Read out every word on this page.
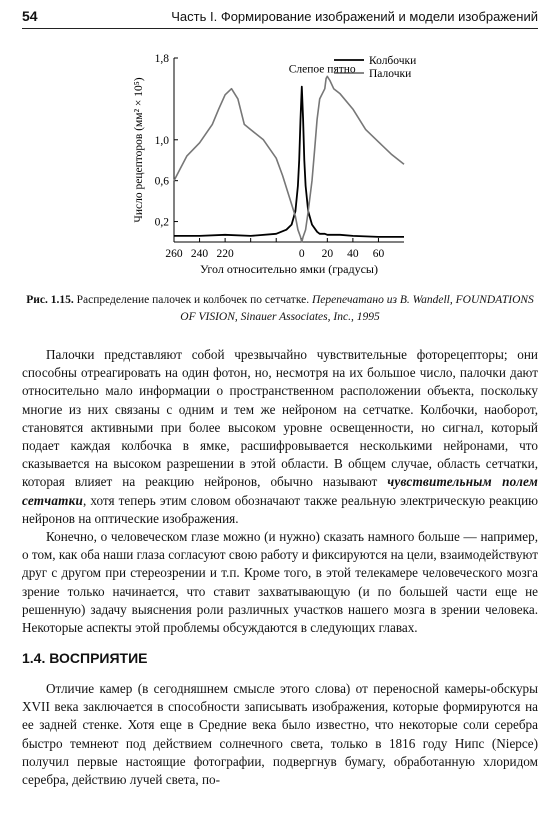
54	Часть I. Формирование изображений и модели изображений
1,8
1,0
0,6
0,2
260 240 220	0 20 40 60
Колбочки
Палочки
Слепое пятно
Угол относительно ямки (градусы)
Число рецепторов (мм² × 10⁵)
Рис. 1.15. Распределение палочек и колбочек по сетчатке. Перепечатано из B. Wandell, FOUNDATIONS OF VISION, Sinauer Associates, Inc., 1995

Палочки представляют собой чрезвычайно чувствительные фоторецепторы; они способны отреагировать на один фотон, но, несмотря на их большое число, палочки дают относительно мало информации о пространственном расположении объекта, поскольку многие из них связаны с одним и тем же нейроном на сетчатке. Колбочки, наоборот, становятся активными при более высоком уровне освещенности, но сигнал, который подает каждая колбочка в ямке, расшифровывается несколькими нейронами, что сказывается на высоком разрешении в этой области. В общем случае, область сетчатки, которая влияет на реакцию нейронов, обычно называют чувствительным полем сетчатки, хотя теперь этим словом обозначают также реальную электрическую реакцию нейронов на оптические изображения.

Конечно, о человеческом глазе можно (и нужно) сказать намного больше — например, о том, как оба наши глаза согласуют свою работу и фиксируются на цели, взаимодействуют друг с другом при стереозрении и т.п. Кроме того, в этой телекамере человеческого мозга зрение только начинается, что ставит захватывающую (и по большей части еще не решенную) задачу выяснения роли различных участков нашего мозга в зрении человека. Некоторые аспекты этой проблемы обсуждаются в следующих главах.

1.4. ВОСПРИЯТИЕ

Отличие камер (в сегодняшнем смысле этого слова) от переносной камеры-обскуры XVII века заключается в способности записывать изображения, которые формируются на ее задней стенке. Хотя еще в Средние века было известно, что некоторые соли серебра быстро темнеют под действием солнечного света, только в 1816 году Нипс (Niepce) получил первые настоящие фотографии, подвергнув бумагу, обработанную хлоридом серебра, действию лучей света, по-
